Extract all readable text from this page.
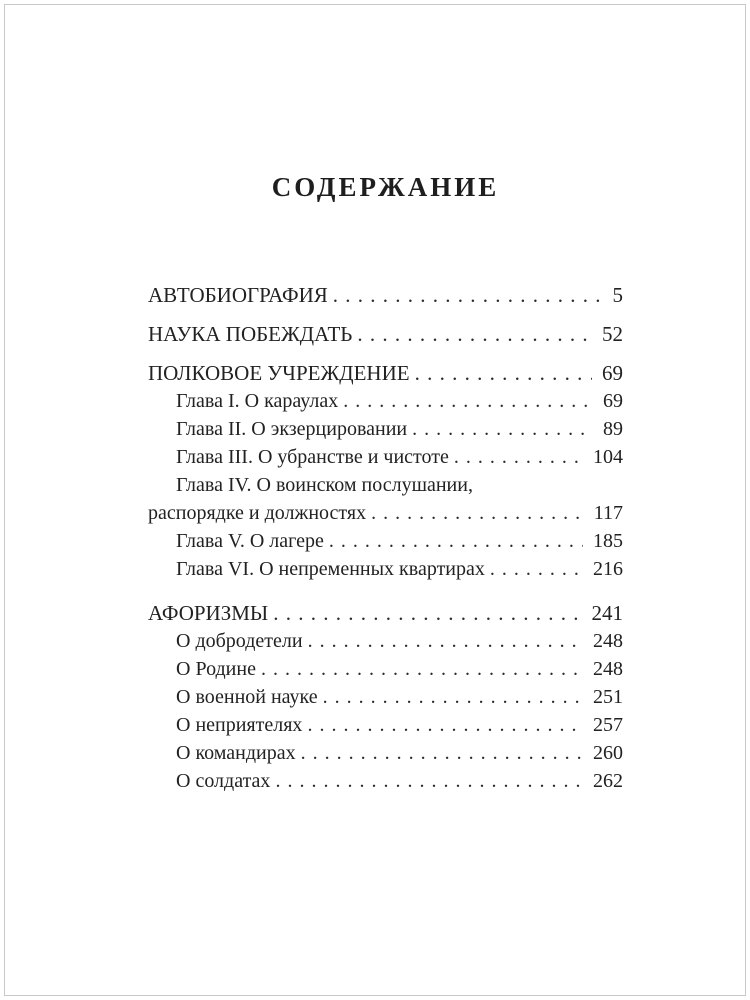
СОДЕРЖАНИЕ
АВТОБИОГРАФИЯ . . .	5
НАУКА ПОБЕЖДАТЬ . . .	52
ПОЛКОВОЕ УЧРЕЖДЕНИЕ . . .	69
Глава I. О караулах . . .	69
Глава II. О экзерцировании . . .	89
Глава III. О убранстве и чистоте . . .	104
Глава IV. О воинском послушании,
распорядке и должностях . . .	117
Глава V. О лагере . . .	185
Глава VI. О непременных квартирах . . .	216
АФОРИЗМЫ . . .	241
О добродетели . . .	248
О Родине . . .	248
О военной науке . . .	251
О неприятелях . . .	257
О командирах . . .	260
О солдатах . . .	262
